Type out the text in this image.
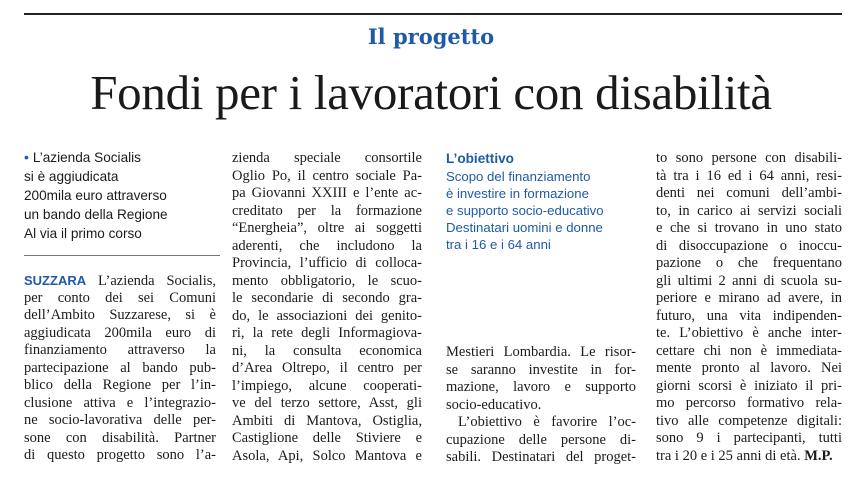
Il progetto
Fondi per i lavoratori con disabilità
• L’azienda Socialis
si è aggiudicata
200mila euro attraverso
un bando della Regione
Al via il primo corso
SUZZARA L’azienda Socialis,
per conto dei sei Comuni
dell’Ambito Suzzarese, si è
aggiudicata 200mila euro di
finanziamento attraverso la
partecipazione al bando pub-
blico della Regione per l’in-
clusione attiva e l’integrazio-
ne socio-lavorativa delle per-
sone con disabilità. Partner
di questo progetto sono l’a-
zienda speciale consortile
Oglio Po, il centro sociale Pa-
pa Giovanni XXIII e l’ente ac-
creditato per la formazione
“Energheia”, oltre ai soggetti
aderenti, che includono la
Provincia, l’ufficio di colloca-
mento obbligatorio, le scuo-
le secondarie di secondo gra-
do, le associazioni dei genito-
ri, la rete degli Informagiova-
ni, la consulta economica
d’Area Oltrepo, il centro per
l’impiego, alcune cooperati-
ve del terzo settore, Asst, gli
Ambiti di Mantova, Ostiglia,
Castiglione delle Stiviere e
Asola, Api, Solco Mantova e
L’obiettivo
Scopo del finanziamento
è investire in formazione
e supporto socio-educativo
Destinatari uomini e donne
tra i 16 e i 64 anni
Mestieri Lombardia. Le risor-
se saranno investite in for-
mazione, lavoro e supporto
socio-educativo.
L’obiettivo è favorire l’oc-
cupazione delle persone di-
sabili. Destinatari del proget-
to sono persone con disabili-
tà tra i 16 ed i 64 anni, resi-
denti nei comuni dell’ambi-
to, in carico ai servizi sociali
e che si trovano in uno stato
di disoccupazione o inoccu-
pazione o che frequentano
gli ultimi 2 anni di scuola su-
periore e mirano ad avere, in
futuro, una vita indipenden-
te. L’obiettivo è anche inter-
cettare chi non è immediata-
mente pronto al lavoro. Nei
giorni scorsi è iniziato il pri-
mo percorso formativo rela-
tivo alle competenze digitali:
sono 9 i partecipanti, tutti
tra i 20 e i 25 anni di età. M.P.
